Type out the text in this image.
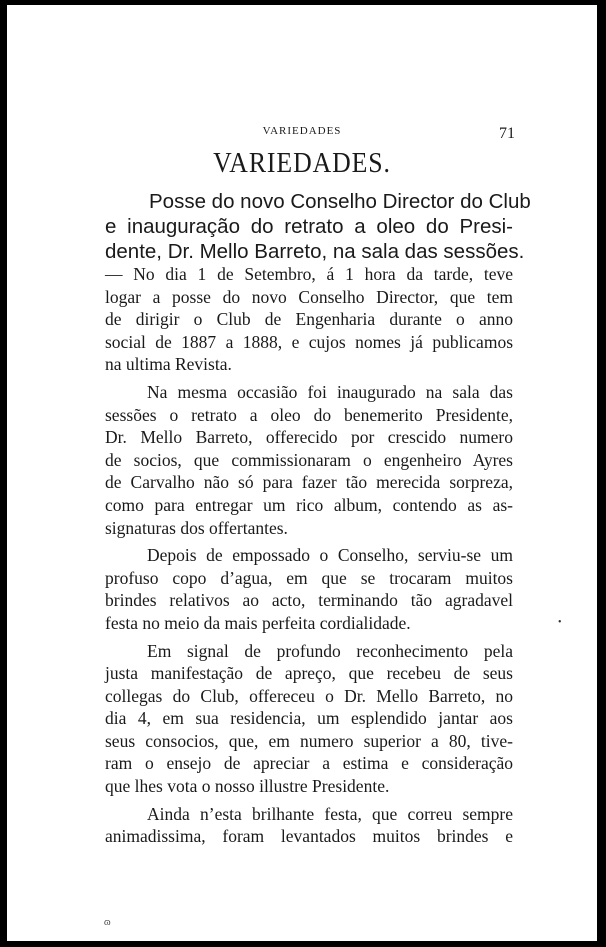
VARIEDADES	71
VARIEDADES.
Posse do novo Conselho Director do Club
e inauguração do retrato a oleo do Presi-
dente, Dr. Mello Barreto, na sala das sessões.
— No dia 1 de Setembro, á 1 hora da tarde, teve
logar a posse do novo Conselho Director, que tem
de dirigir o Club de Engenharia durante o anno
social de 1887 a 1888, e cujos nomes já publicamos
na ultima Revista.
Na mesma occasião foi inaugurado na sala das
sessões o retrato a oleo do benemerito Presidente,
Dr. Mello Barreto, offerecido por crescido numero
de socios, que commissionaram o engenheiro Ayres
de Carvalho não só para fazer tão merecida sorpreza,
como para entregar um rico album, contendo as as-
signaturas dos offertantes.
Depois de empossado o Conselho, serviu-se um
profuso copo d’agua, em que se trocaram muitos
brindes relativos ao acto, terminando tão agradavel
festa no meio da mais perfeita cordialidade.
Em signal de profundo reconhecimento pela
justa manifestação de apreço, que recebeu de seus
collegas do Club, offereceu o Dr. Mello Barreto, no
dia 4, em sua residencia, um esplendido jantar aos
seus consocios, que, em numero superior a 80, tive-
ram o ensejo de apreciar a estima e consideração
que lhes vota o nosso illustre Presidente.
Ainda n’esta brilhante festa, que correu sempre
animadissima, foram levantados muitos brindes e
•
ɷ
